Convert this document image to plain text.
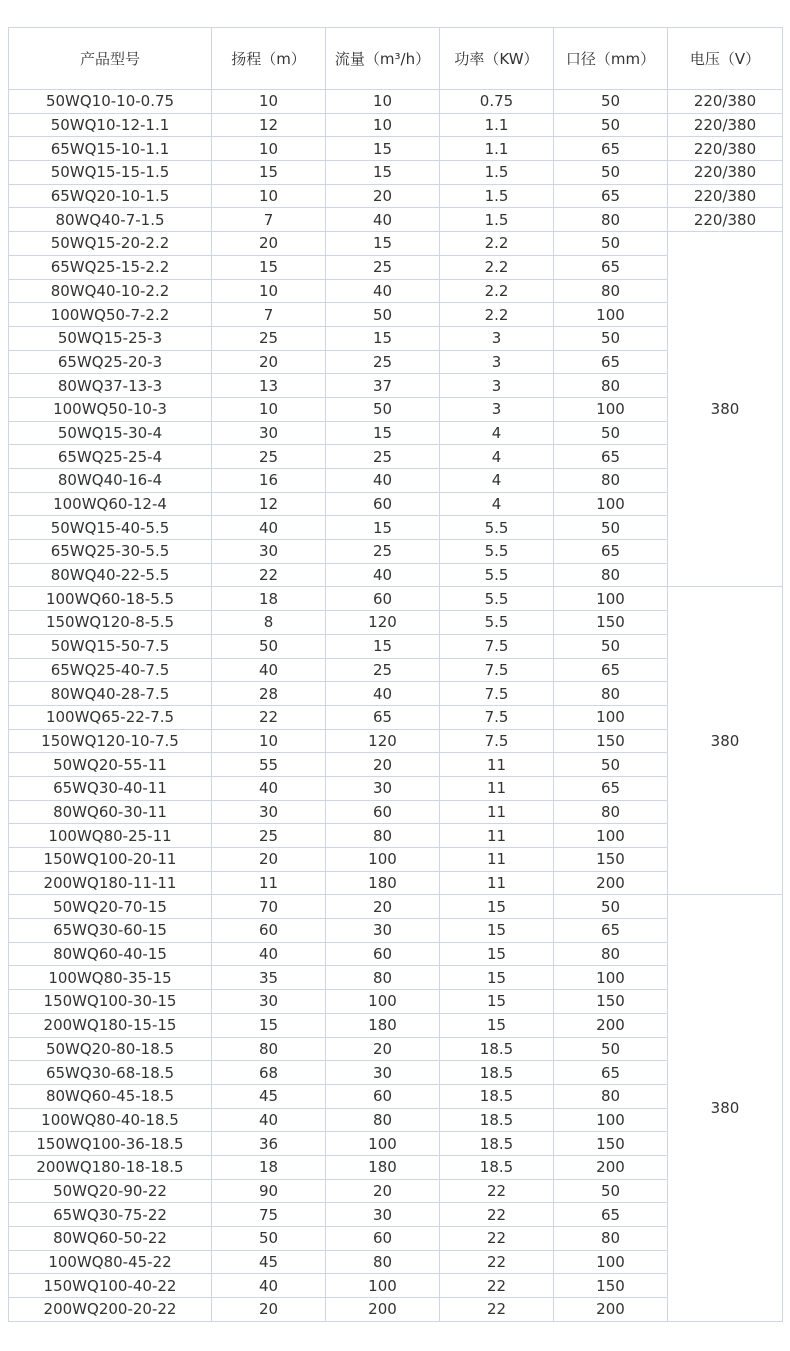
产品型号	扬程（m）	流量（m³/h）	功率（KW）	口径（mm）	电压（V）
50WQ10-10-0.75	10	10	0.75	50	220/380
50WQ10-12-1.1	12	10	1.1	50	220/380
65WQ15-10-1.1	10	15	1.1	65	220/380
50WQ15-15-1.5	15	15	1.5	50	220/380
65WQ20-10-1.5	10	20	1.5	65	220/380
80WQ40-7-1.5	7	40	1.5	80	220/380
50WQ15-20-2.2	20	15	2.2	50	380
65WQ25-15-2.2	15	25	2.2	65	
80WQ40-10-2.2	10	40	2.2	80	
100WQ50-7-2.2	7	50	2.2	100	
50WQ15-25-3	25	15	3	50	
65WQ25-20-3	20	25	3	65	
80WQ37-13-3	13	37	3	80	
100WQ50-10-3	10	50	3	100	
50WQ15-30-4	30	15	4	50	
65WQ25-25-4	25	25	4	65	
80WQ40-16-4	16	40	4	80	
100WQ60-12-4	12	60	4	100	
50WQ15-40-5.5	40	15	5.5	50	
65WQ25-30-5.5	30	25	5.5	65	
80WQ40-22-5.5	22	40	5.5	80	
100WQ60-18-5.5	18	60	5.5	100	380
150WQ120-8-5.5	8	120	5.5	150	
50WQ15-50-7.5	50	15	7.5	50	
65WQ25-40-7.5	40	25	7.5	65	
80WQ40-28-7.5	28	40	7.5	80	
100WQ65-22-7.5	22	65	7.5	100	
150WQ120-10-7.5	10	120	7.5	150	
50WQ20-55-11	55	20	11	50	
65WQ30-40-11	40	30	11	65	
80WQ60-30-11	30	60	11	80	
100WQ80-25-11	25	80	11	100	
150WQ100-20-11	20	100	11	150	
200WQ180-11-11	11	180	11	200	
50WQ20-70-15	70	20	15	50	380
65WQ30-60-15	60	30	15	65	
80WQ60-40-15	40	60	15	80	
100WQ80-35-15	35	80	15	100	
150WQ100-30-15	30	100	15	150	
200WQ180-15-15	15	180	15	200	
50WQ20-80-18.5	80	20	18.5	50	
65WQ30-68-18.5	68	30	18.5	65	
80WQ60-45-18.5	45	60	18.5	80	
100WQ80-40-18.5	40	80	18.5	100	
150WQ100-36-18.5	36	100	18.5	150	
200WQ180-18-18.5	18	180	18.5	200	
50WQ20-90-22	90	20	22	50	
65WQ30-75-22	75	30	22	65	
80WQ60-50-22	50	60	22	80	
100WQ80-45-22	45	80	22	100	
150WQ100-40-22	40	100	22	150	
200WQ200-20-22	20	200	22	200	
